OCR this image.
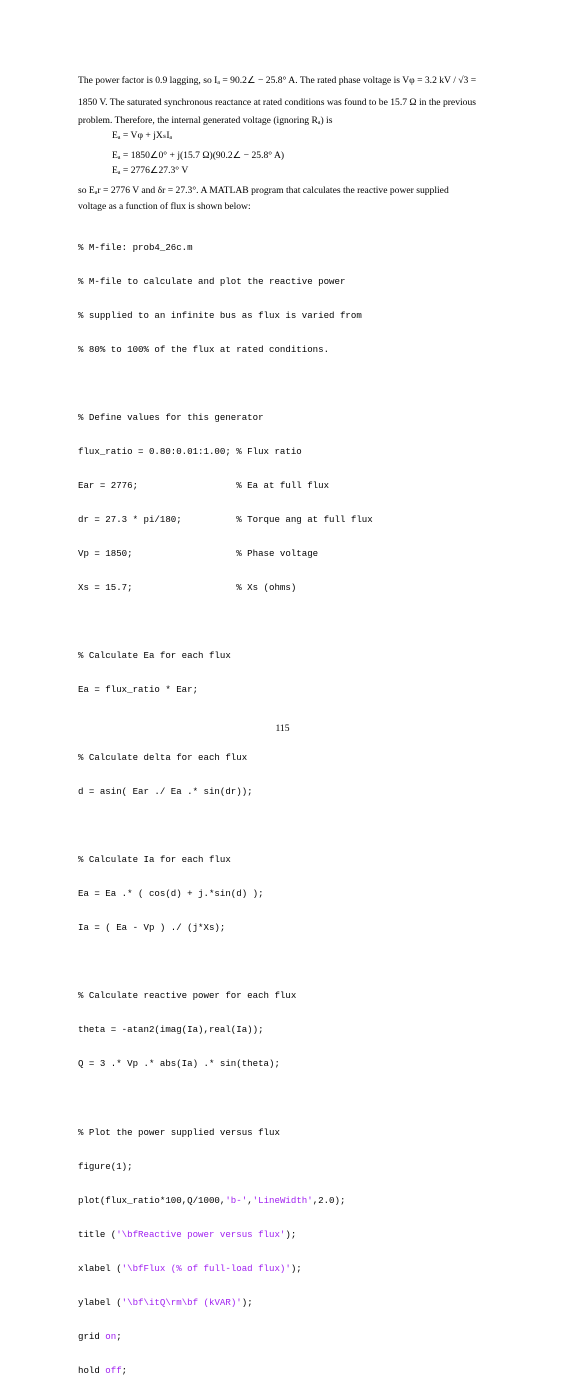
The power factor is 0.9 lagging, so Iₐ = 90.2∠ − 25.8° A. The rated phase voltage is Vφ = 3.2 kV / √3 =

1850 V. The saturated synchronous reactance at rated conditions was found to be 15.7 Ω in the previous

problem. Therefore, the internal generated voltage (ignoring Rₐ) is

Eₐ = Vφ + jXₛIₐ
Eₐ = 1850∠0° + j(15.7 Ω)(90.2∠ − 25.8° A)
Eₐ = 2776∠27.3° V

so Eₐr = 2776 V and δr = 27.3°. A MATLAB program that calculates the reactive power supplied

voltage as a function of flux is shown below:

% M-file: prob4_26c.m

% M-file to calculate and plot the reactive power

% supplied to an infinite bus as flux is varied from

% 80% to 100% of the flux at rated conditions.

% Define values for this generator

flux_ratio = 0.80:0.01:1.00; % Flux ratio

Ear = 2776;                  % Ea at full flux

dr = 27.3 * pi/180;          % Torque ang at full flux

Vp = 1850;                   % Phase voltage

Xs = 15.7;                   % Xs (ohms)

% Calculate Ea for each flux

Ea = flux_ratio * Ear;

% Calculate delta for each flux

d = asin( Ear ./ Ea .* sin(dr));

% Calculate Ia for each flux

Ea = Ea .* ( cos(d) + j.*sin(d) );

Ia = ( Ea - Vp ) ./ (j*Xs);

% Calculate reactive power for each flux

theta = -atan2(imag(Ia),real(Ia));

Q = 3 .* Vp .* abs(Ia) .* sin(theta);

% Plot the power supplied versus flux

figure(1);

plot(flux_ratio*100,Q/1000,'b-','LineWidth',2.0);

title ('\bfReactive power versus flux');

xlabel ('\bfFlux (% of full-load flux)');

ylabel ('\bf\itQ\rm\bf (kVAR)');

grid on;

hold off;

115
